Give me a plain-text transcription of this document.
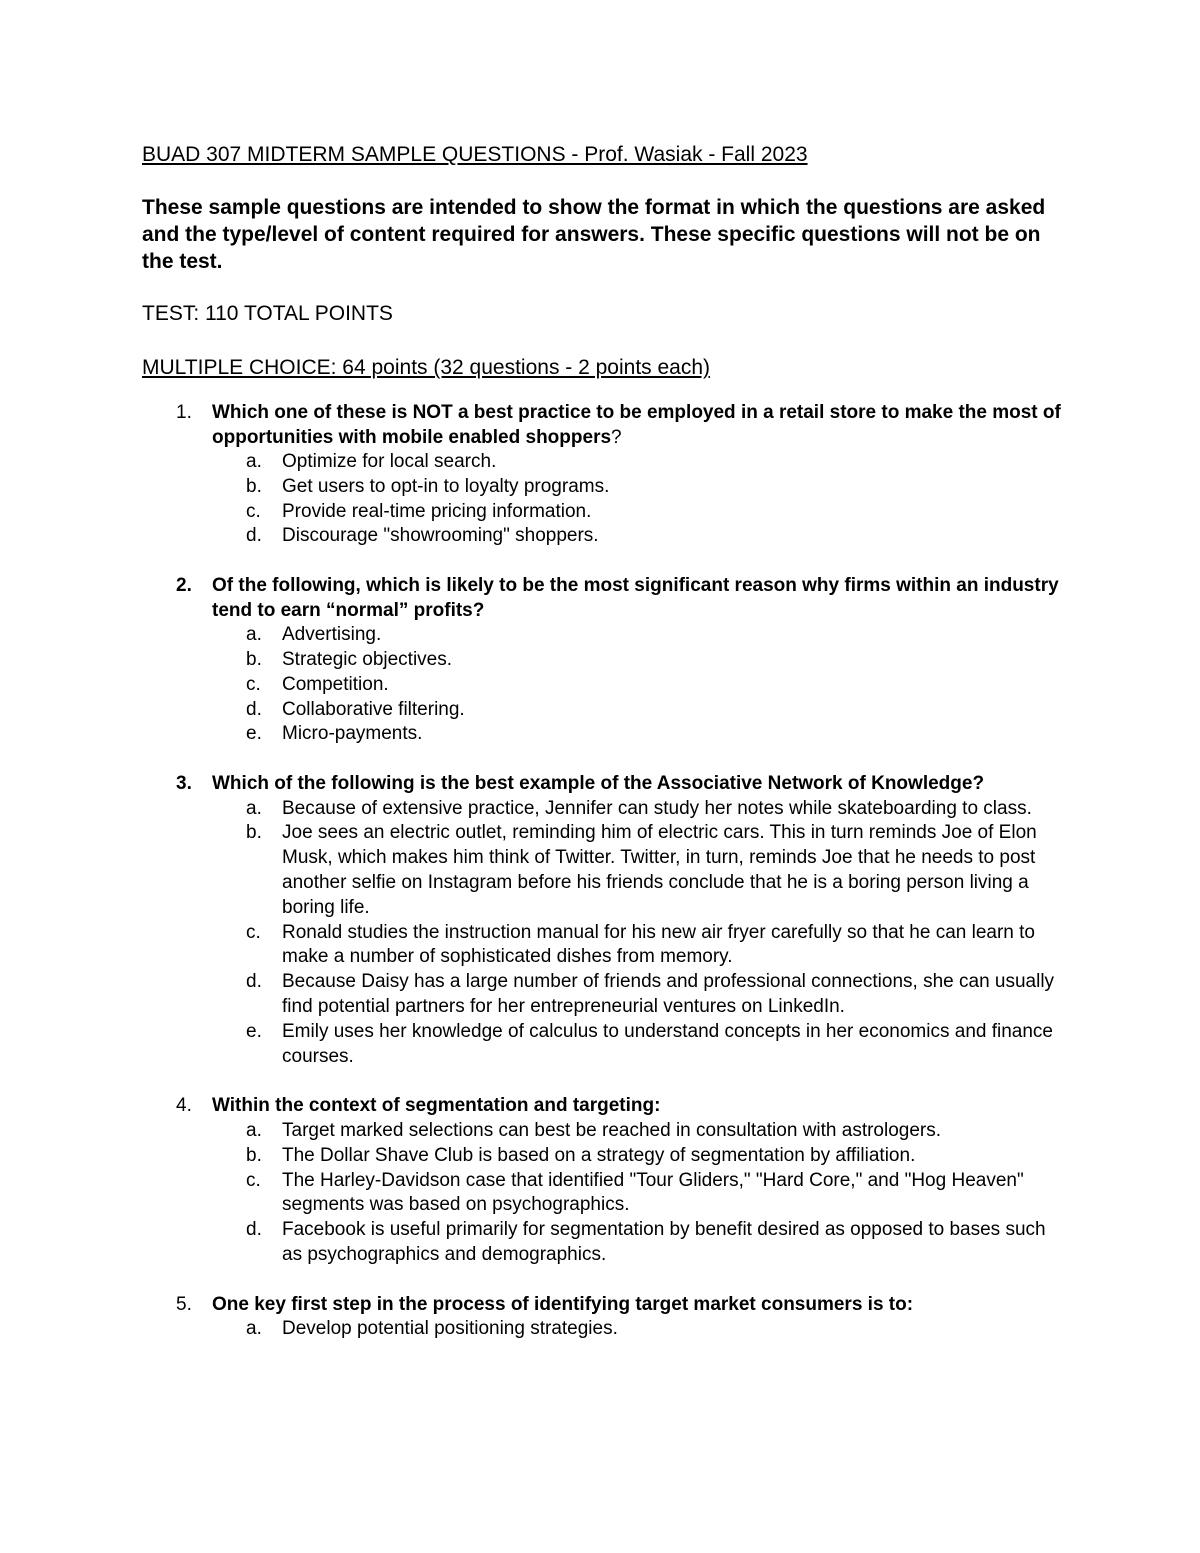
BUAD 307 MIDTERM SAMPLE QUESTIONS - Prof. Wasiak - Fall 2023
These sample questions are intended to show the format in which the questions are asked and the type/level of content required for answers. These specific questions will not be on the test.
TEST: 110 TOTAL POINTS
MULTIPLE CHOICE: 64 points (32 questions - 2 points each)
1. Which one of these is NOT a best practice to be employed in a retail store to make the most of opportunities with mobile enabled shoppers?
a. Optimize for local search.
b. Get users to opt-in to loyalty programs.
c. Provide real-time pricing information.
d. Discourage "showrooming" shoppers.
2. Of the following, which is likely to be the most significant reason why firms within an industry tend to earn “normal” profits?
a. Advertising.
b. Strategic objectives.
c. Competition.
d. Collaborative filtering.
e. Micro-payments.
3. Which of the following is the best example of the Associative Network of Knowledge?
a. Because of extensive practice, Jennifer can study her notes while skateboarding to class.
b. Joe sees an electric outlet, reminding him of electric cars. This in turn reminds Joe of Elon Musk, which makes him think of Twitter. Twitter, in turn, reminds Joe that he needs to post another selfie on Instagram before his friends conclude that he is a boring person living a boring life.
c. Ronald studies the instruction manual for his new air fryer carefully so that he can learn to make a number of sophisticated dishes from memory.
d. Because Daisy has a large number of friends and professional connections, she can usually find potential partners for her entrepreneurial ventures on LinkedIn.
e. Emily uses her knowledge of calculus to understand concepts in her economics and finance courses.
4. Within the context of segmentation and targeting:
a. Target marked selections can best be reached in consultation with astrologers.
b. The Dollar Shave Club is based on a strategy of segmentation by affiliation.
c. The Harley-Davidson case that identified "Tour Gliders," "Hard Core," and "Hog Heaven" segments was based on psychographics.
d. Facebook is useful primarily for segmentation by benefit desired as opposed to bases such as psychographics and demographics.
5. One key first step in the process of identifying target market consumers is to:
a. Develop potential positioning strategies.
